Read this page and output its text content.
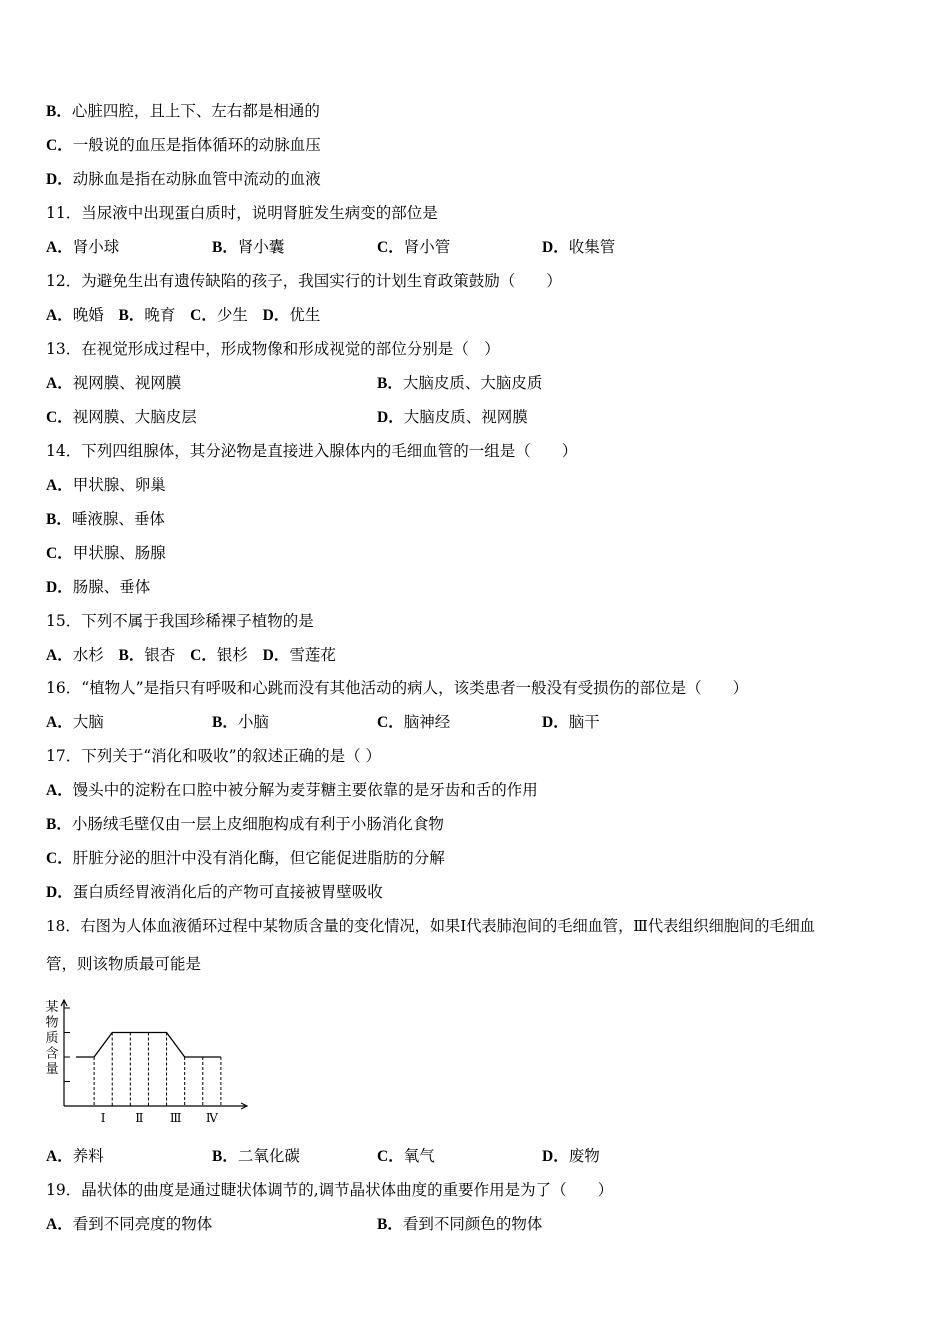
B．心脏四腔，且上下、左右都是相通的
C．一般说的血压是指体循环的动脉血压
D．动脉血是指在动脉血管中流动的血液
11．当尿液中出现蛋白质时，说明肾脏发生病变的部位是
A．肾小球	B．肾小囊	C．肾小管	D．收集管
12．为避免生出有遗传缺陷的孩子，我国实行的计划生育政策鼓励（　　）
A．晚婚 B．晚育 C．少生 D．优生
13．在视觉形成过程中，形成物像和形成视觉的部位分别是（　）
A．视网膜、视网膜	B．大脑皮质、大脑皮质
C．视网膜、大脑皮层	D．大脑皮质、视网膜
14．下列四组腺体，其分泌物是直接进入腺体内的毛细血管的一组是（　　）
A．甲状腺、卵巢
B．唾液腺、垂体
C．甲状腺、肠腺
D．肠腺、垂体
15．下列不属于我国珍稀裸子植物的是
A．水杉 B．银杏 C．银杉 D．雪莲花
16．“植物人”是指只有呼吸和心跳而没有其他活动的病人，该类患者一般没有受损伤的部位是（　　）
A．大脑	B．小脑	C．脑神经	D．脑干
17．下列关于“消化和吸收”的叙述正确的是（ ）
A．馒头中的淀粉在口腔中被分解为麦芽糖主要依靠的是牙齿和舌的作用
B．小肠绒毛壁仅由一层上皮细胞构成有利于小肠消化食物
C．肝脏分泌的胆汁中没有消化酶，但它能促进脂肪的分解
D．蛋白质经胃液消化后的产物可直接被胃壁吸收
18．右图为人体血液循环过程中某物质含量的变化情况，如果Ⅰ代表肺泡间的毛细血管，Ⅲ代表组织细胞间的毛细血
管，则该物质最可能是
某
物
质
含
量
Ⅰ Ⅱ Ⅲ Ⅳ
A．养料	B．二氧化碳	C．氧气	D．废物
19．晶状体的曲度是通过睫状体调节的,调节晶状体曲度的重要作用是为了（　　）
A．看到不同亮度的物体	B．看到不同颜色的物体
